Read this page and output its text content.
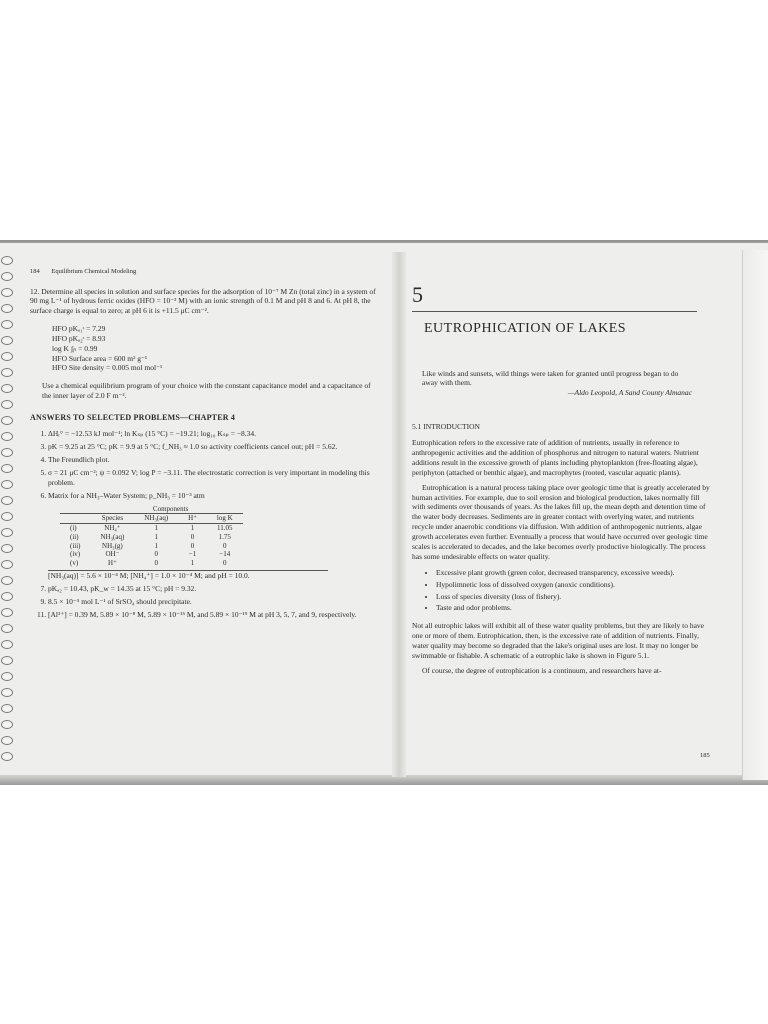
184 Equilibrium Chemical Modeling

12. Determine all species in solution and surface species for the adsorption of 10⁻⁷ M Zn (total zinc) in a system of 90 mg L⁻¹ of hydrous ferric oxides (HFO = 10⁻³ M) with an ionic strength of 0.1 M and pH 8 and 6. At pH 8, the surface charge is equal to zero; at pH 6 it is +11.5 μC cm⁻².

HFO pKₐ₁ˢ = 7.29
HFO pKₐ₂ˢ = 8.93
log K ʃ᷊ₙ = 0.99
HFO Surface area = 600 m² g⁻¹
HFO Site density = 0.005 mol mol⁻¹

Use a chemical equilibrium program of your choice with the constant capacitance model and a capacitance of the inner layer of 2.0 F m⁻².

ANSWERS TO SELECTED PROBLEMS—CHAPTER 4
1. ΔHᵣ° = −12.53 kJ mol⁻¹; ln Kₛₚ (15 °C) = −19.21; log₁₀ Kₛₚ = −8.34.
3. pK = 9.25 at 25 °C; pK = 9.9 at 5 °C; f_NH₃ ≈ 1.0 so activity coefficients cancel out; pH = 5.62.
4. The Freundlich plot.
5. σ = 21 μC cm⁻²; ψ = 0.092 V; log P = −3.11. The electrostatic correction is very important in modeling this problem.
6. Matrix for a NH₃–Water System; p_NH₃ = 10⁻³ atm
		Components		
	Species	NH₃(aq)	H⁺	log K
(i)	NH₄⁺	1	1	11.05
(ii)	NH₃(aq)	1	0	1.75
(iii)	NH₃(g)	1	0	0
(iv)	OH⁻	0	−1	−14
(v)	H⁺	0	1	0
[NH₃(aq)] = 5.6 × 10⁻⁴ M; [NH₄⁺] = 1.0 × 10⁻⁴ M; and pH = 10.0.
7. pKₐ₂ = 10.43, pK_w = 14.35 at 15 °C; pH = 9.32.
9. 8.5 × 10⁻⁵ mol L⁻¹ of SrSO₄ should precipitate.
11. [Al³⁺] = 0.39 M, 5.89 × 10⁻⁸ M, 5.89 × 10⁻¹⁵ M, and 5.89 × 10⁻¹⁹ M at pH 3, 5, 7, and 9, respectively.
5
EUTROPHICATION OF LAKES
Like winds and sunsets, wild things were taken for granted until progress began to do away with them.
—Aldo Leopold, A Sand County Almanac
5.1 INTRODUCTION

Eutrophication refers to the excessive rate of addition of nutrients, usually in reference to anthropogenic activities and the addition of phosphorus and nitrogen to natural waters. Nutrient additions result in the excessive growth of plants including phytoplankton (free-floating algae), periphyton (attached or benthic algae), and macrophytes (rooted, vascular aquatic plants).

Eutrophication is a natural process taking place over geologic time that is greatly accelerated by human activities. For example, due to soil erosion and biological production, lakes normally fill with sediments over thousands of years. As the lakes fill up, the mean depth and detention time of the water body decreases. Sediments are in greater contact with overlying water, and nutrients recycle under anaerobic conditions via diffusion. With addition of anthropogenic nutrients, algae growth accelerates even further. Eventually a process that would have occurred over geologic time scales is accelerated to decades, and the lake becomes overly productive biologically. The process has some undesirable effects on water quality.

• Excessive plant growth (green color, decreased transparency, excessive weeds).
• Hypolimnetic loss of dissolved oxygen (anoxic conditions).
• Loss of species diversity (loss of fishery).
• Taste and odor problems.

Not all eutrophic lakes will exhibit all of these water quality problems, but they are likely to have one or more of them. Eutrophication, then, is the excessive rate of addition of nutrients. Finally, water quality may become so degraded that the lake's original uses are lost. It may no longer be swimmable or fishable. A schematic of a eutrophic lake is shown in Figure 5.1.

Of course, the degree of eutrophication is a continuum, and researchers have at-

185
